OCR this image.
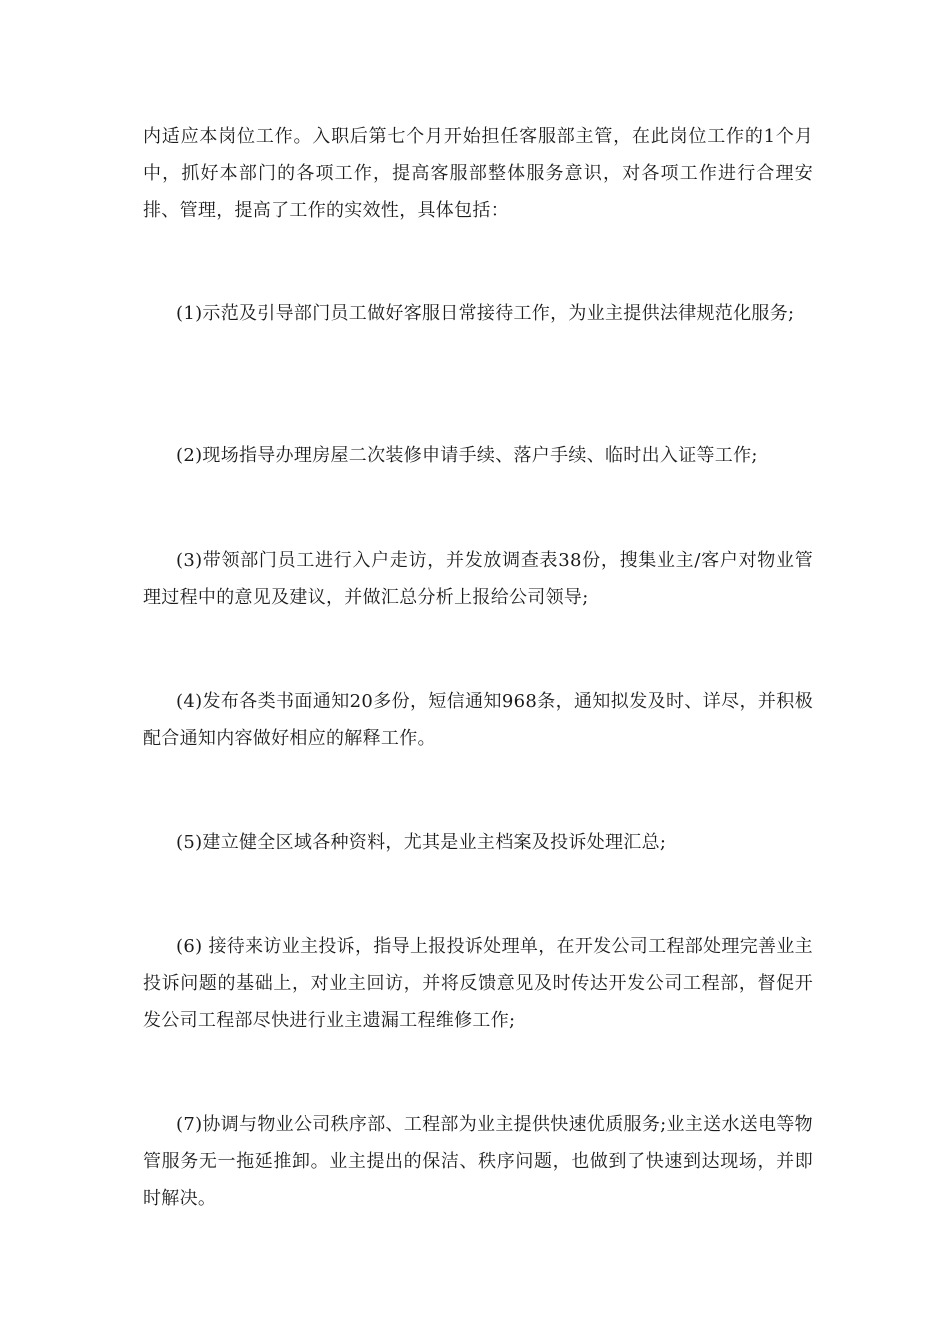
内适应本岗位工作。入职后第七个月开始担任客服部主管，在此岗位工作的1个月中，抓好本部门的各项工作，提高客服部整体服务意识，对各项工作进行合理安排、管理，提高了工作的实效性，具体包括：

(1)示范及引导部门员工做好客服日常接待工作，为业主提供法律规范化服务;

(2)现场指导办理房屋二次装修申请手续、落户手续、临时出入证等工作;

(3)带领部门员工进行入户走访，并发放调查表38份，搜集业主/客户对物业管理过程中的意见及建议，并做汇总分析上报给公司领导;

(4)发布各类书面通知20多份，短信通知968条，通知拟发及时、详尽，并积极配合通知内容做好相应的解释工作。

(5)建立健全区域各种资料，尤其是业主档案及投诉处理汇总;

(6) 接待来访业主投诉，指导上报投诉处理单，在开发公司工程部处理完善业主投诉问题的基础上，对业主回访，并将反馈意见及时传达开发公司工程部，督促开发公司工程部尽快进行业主遗漏工程维修工作;

(7)协调与物业公司秩序部、工程部为业主提供快速优质服务;业主送水送电等物管服务无一拖延推卸。业主提出的保洁、秩序问题，也做到了快速到达现场，并即时解决。
